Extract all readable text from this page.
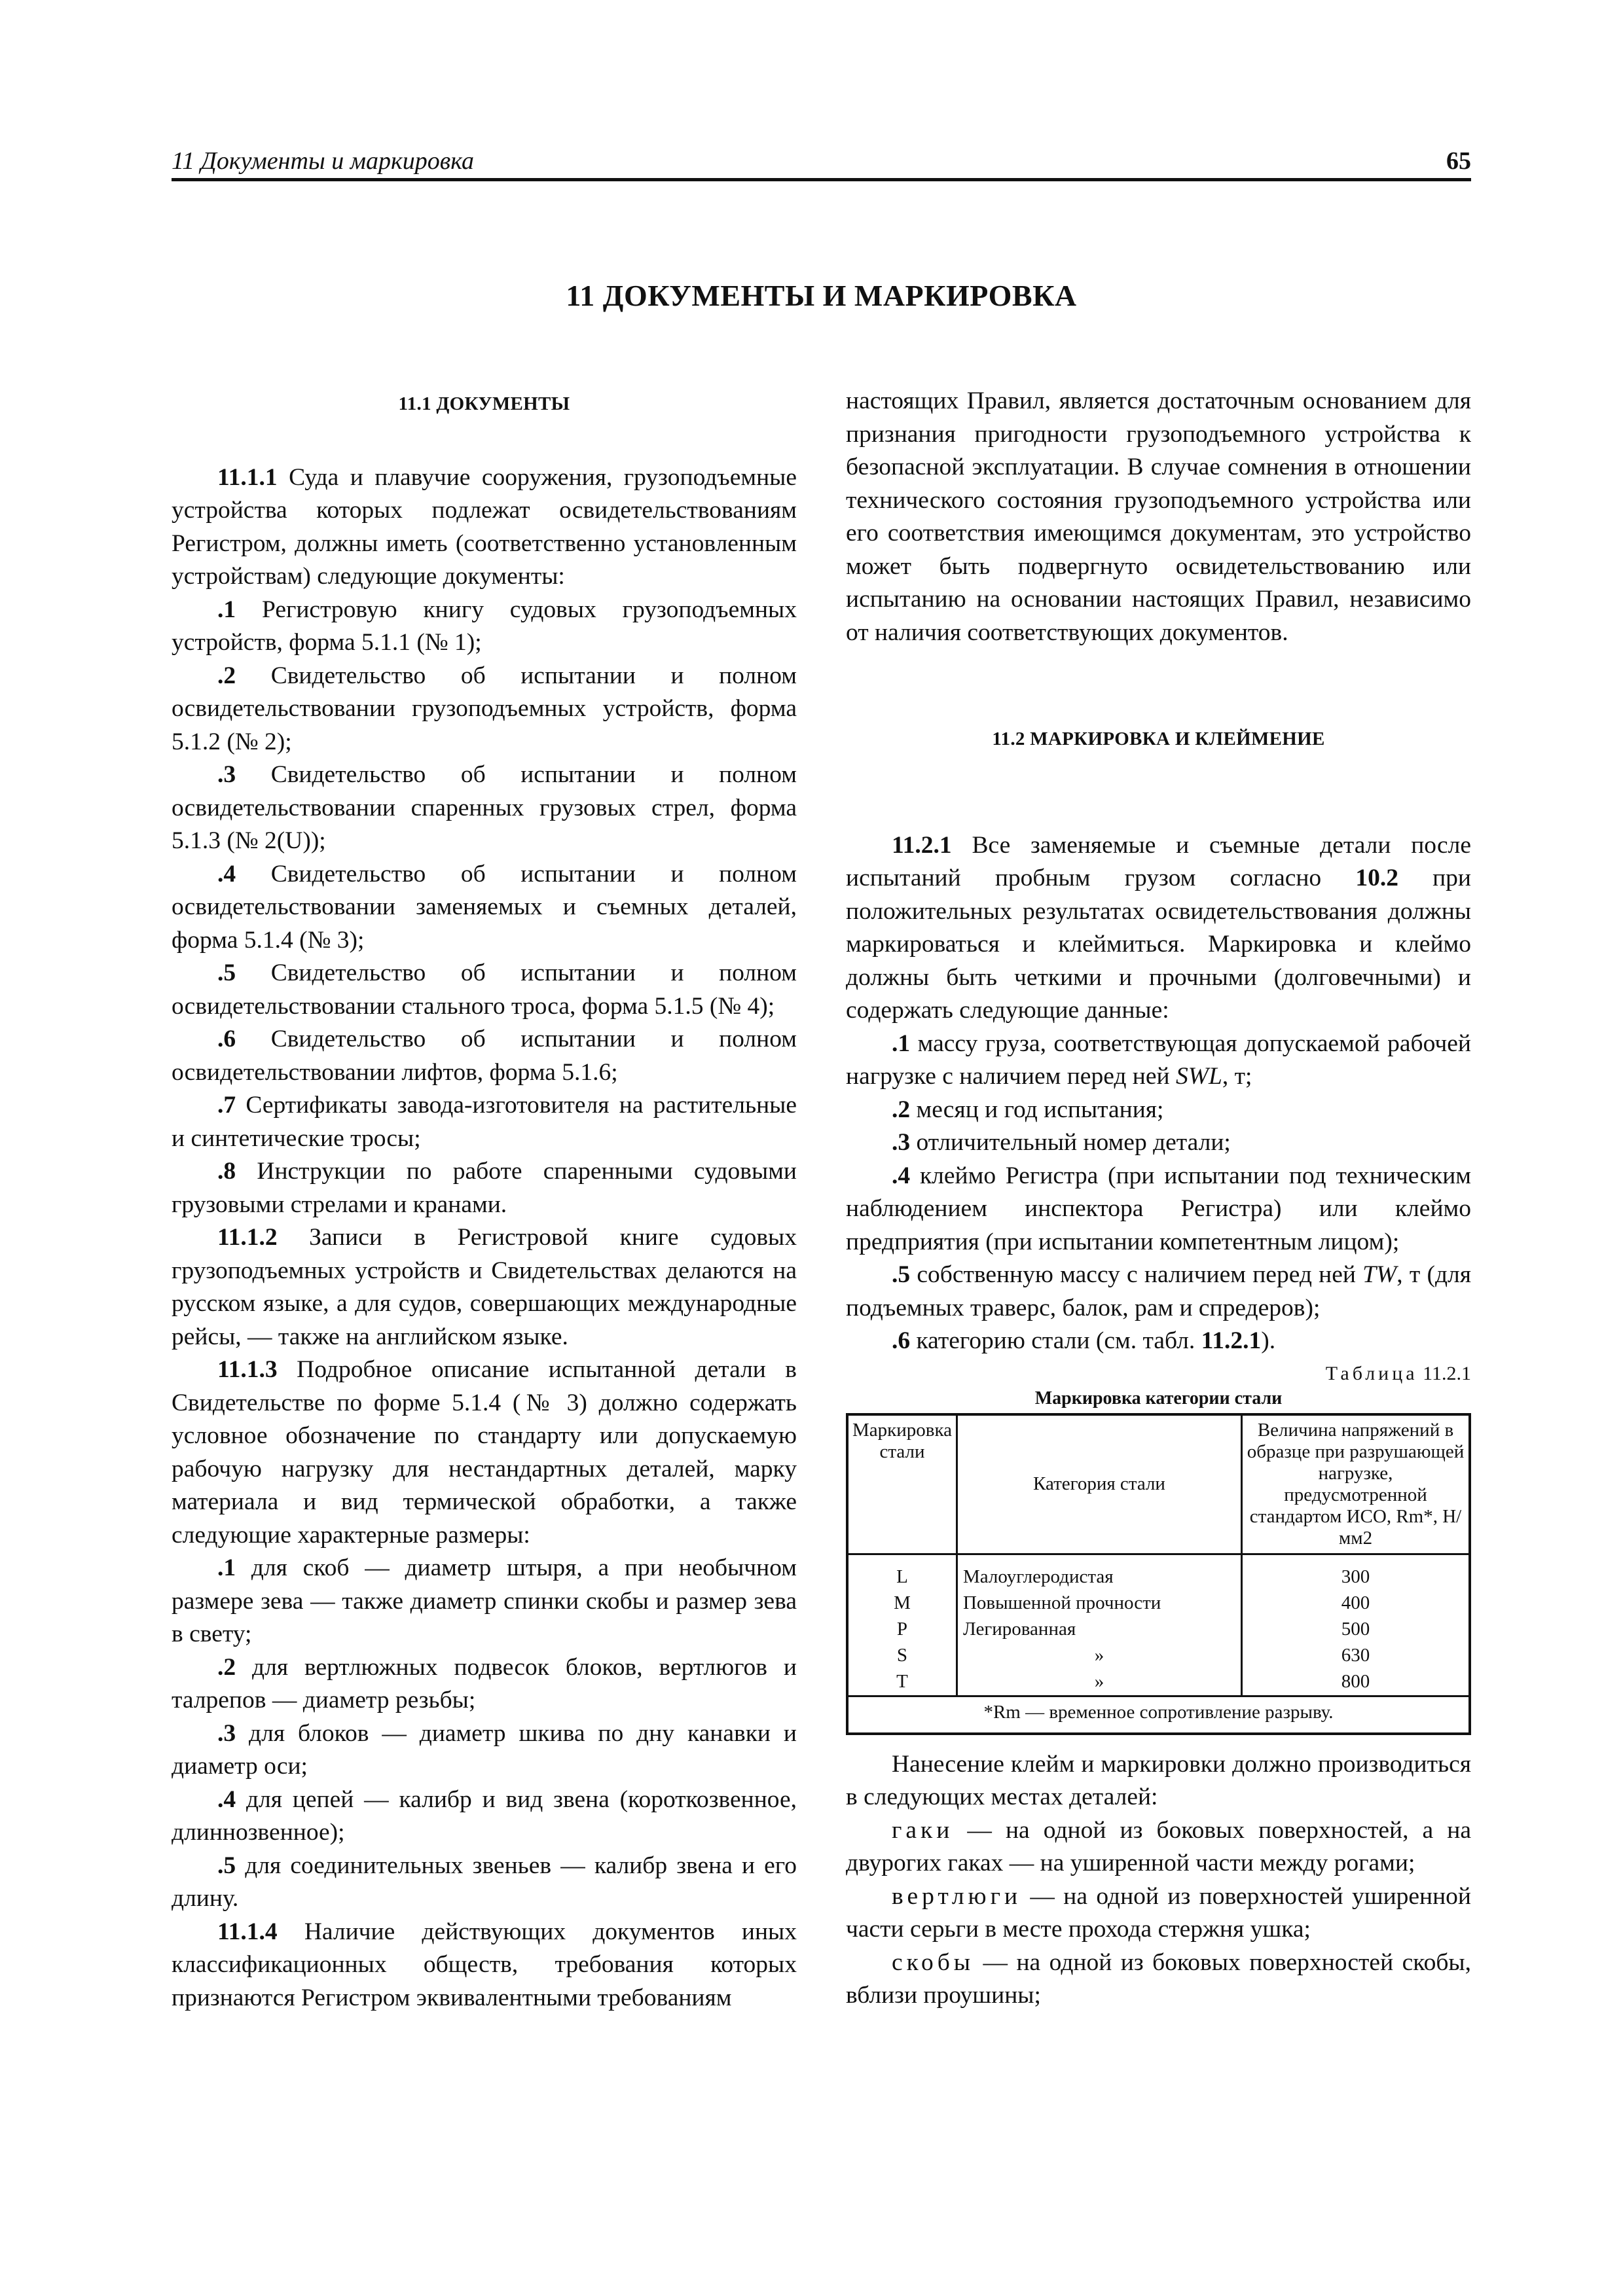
11 Документы и маркировка	65
11 ДОКУМЕНТЫ И МАРКИРОВКА
11.1 ДОКУМЕНТЫ

11.1.1 Суда и плавучие сооружения, грузоподъемные устройства которых подлежат освидетельствованиям Регистром, должны иметь (соответственно установленным устройствам) следующие документы:

.1 Регистровую книгу судовых грузоподъемных устройств, форма 5.1.1 (№ 1);

.2 Свидетельство об испытании и полном освидетельствовании грузоподъемных устройств, форма 5.1.2 (№ 2);

.3 Свидетельство об испытании и полном освидетельствовании спаренных грузовых стрел, форма 5.1.3 (№ 2(U));

.4 Свидетельство об испытании и полном освидетельствовании заменяемых и съемных деталей, форма 5.1.4 (№ 3);

.5 Свидетельство об испытании и полном освидетельствовании стального троса, форма 5.1.5 (№ 4);

.6 Свидетельство об испытании и полном освидетельствовании лифтов, форма 5.1.6;

.7 Сертификаты завода-изготовителя на растительные и синтетические тросы;

.8 Инструкции по работе спаренными судовыми грузовыми стрелами и кранами.

11.1.2 Записи в Регистровой книге судовых грузоподъемных устройств и Свидетельствах делаются на русском языке, а для судов, совершающих международные рейсы, — также на английском языке.

11.1.3 Подробное описание испытанной детали в Свидетельстве по форме 5.1.4 (№ 3) должно содержать условное обозначение по стандарту или допускаемую рабочую нагрузку для нестандартных деталей, марку материала и вид термической обработки, а также следующие характерные размеры:

.1 для скоб — диаметр штыря, а при необычном размере зева — также диаметр спинки скобы и размер зева в свету;

.2 для вертлюжных подвесок блоков, вертлюгов и талрепов — диаметр резьбы;

.3 для блоков — диаметр шкива по дну канавки и диаметр оси;

.4 для цепей — калибр и вид звена (короткозвенное, длиннозвенное);

.5 для соединительных звеньев — калибр звена и его длину.

11.1.4 Наличие действующих документов иных классификационных обществ, требования которых признаются Регистром эквивалентными требованиям

настоящих Правил, является достаточным основанием для признания пригодности грузоподъемного устройства к безопасной эксплуатации. В случае сомнения в отношении технического состояния грузоподъемного устройства или его соответствия имеющимся документам, это устройство может быть подвергнуто освидетельствованию или испытанию на основании настоящих Правил, независимо от наличия соответствующих документов.

11.2 МАРКИРОВКА И КЛЕЙМЕНИЕ

11.2.1 Все заменяемые и съемные детали после испытаний пробным грузом согласно 10.2 при положительных результатах освидетельствования должны маркироваться и клеймиться. Маркировка и клеймо должны быть четкими и прочными (долговечными) и содержать следующие данные:

.1 массу груза, соответствующая допускаемой рабочей нагрузке с наличием перед ней SWL, т;

.2 месяц и год испытания;

.3 отличительный номер детали;

.4 клеймо Регистра (при испытании под техническим наблюдением инспектора Регистра) или клеймо предприятия (при испытании компетентным лицом);

.5 собственную массу с наличием перед ней TW, т (для подъемных траверс, балок, рам и спредеров);

.6 категорию стали (см. табл. 11.2.1).

Таблица 11.2.1
Маркировка категории стали
Маркировка стали	Категория стали	Величина напряжений в образце при разрушающей нагрузке, предусмотренной стандартом ИСО, Rm*, Н/мм2
L	Малоуглеродистая	300
M	Повышенной прочности	400
P	Легированная	500
S	»	630
T	»	800
*Rm — временное сопротивление разрыву.		

Нанесение клейм и маркировки должно производиться в следующих местах деталей:

гаки — на одной из боковых поверхностей, а на двурогих гаках — на уширенной части между рогами;

вертлюги — на одной из поверхностей уширенной части серьги в месте прохода стержня ушка;

скобы — на одной из боковых поверхностей скобы, вблизи проушины;
